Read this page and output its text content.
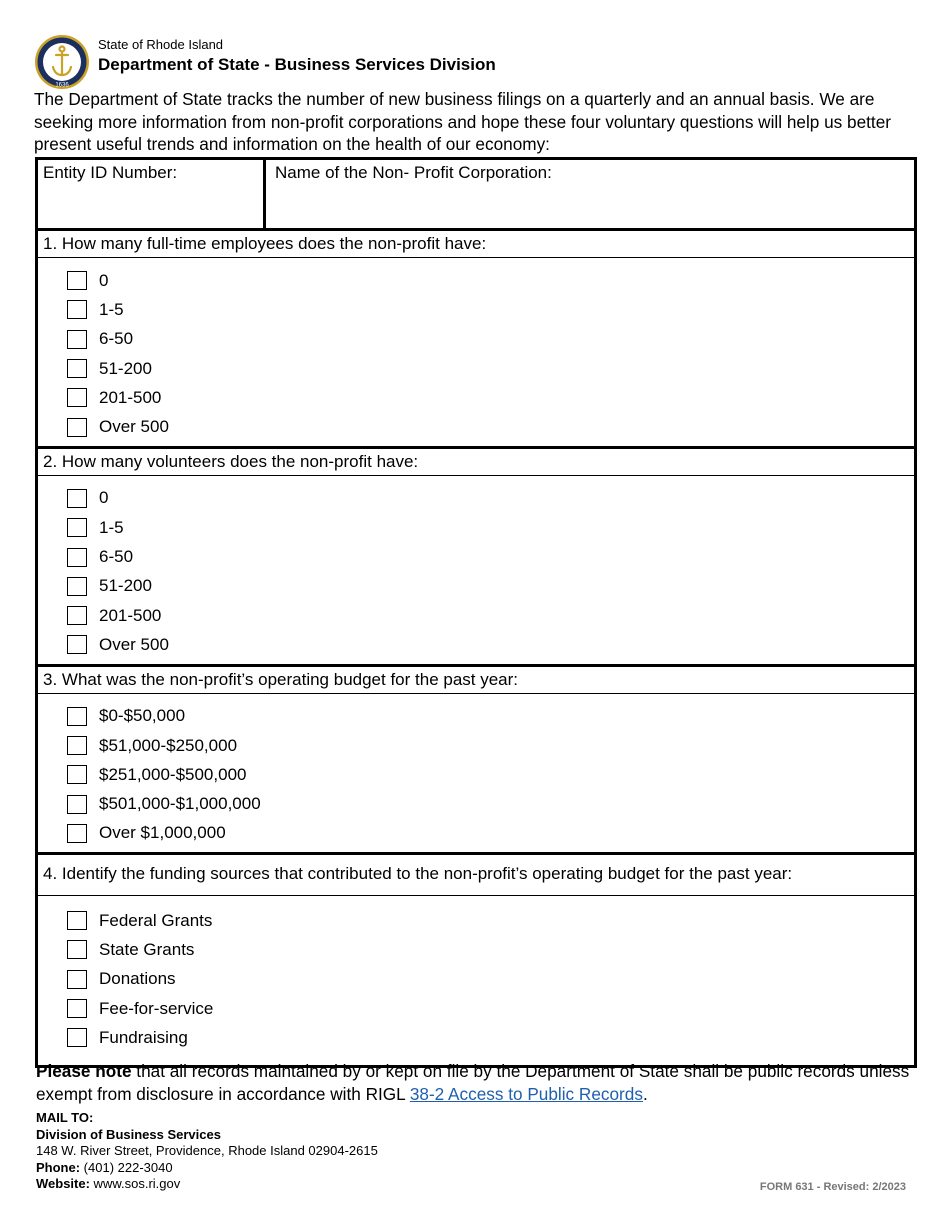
1636
State of Rhode Island
Department of State - Business Services Division
The Department of State tracks the number of new business filings on a quarterly and an annual basis. We are seeking more information from non-profit corporations and hope these four voluntary questions will help us better present useful trends and information on the health of our economy:
Entity ID Number:	Name of the Non- Profit Corporation:
1. How many full-time employees does the non-profit have:
0
1-5
6-50
51-200
201-500
Over 500
2. How many volunteers does the non-profit have:
0
1-5
6-50
51-200
201-500
Over 500
3. What was the non-profit’s operating budget for the past year:
$0-$50,000
$51,000-$250,000
$251,000-$500,000
$501,000-$1,000,000
Over $1,000,000
4. Identify the funding sources that contributed to the non-profit’s operating budget for the past year:
Federal Grants
State Grants
Donations
Fee-for-service
Fundraising
Please note that all records maintained by or kept on file by the Department of State shall be public records unless exempt from disclosure in accordance with RIGL 38-2 Access to Public Records.
MAIL TO:
Division of Business Services
148 W. River Street, Providence, Rhode Island 02904-2615
Phone: (401) 222-3040
Website: www.sos.ri.gov	FORM 631 - Revised: 2/2023
